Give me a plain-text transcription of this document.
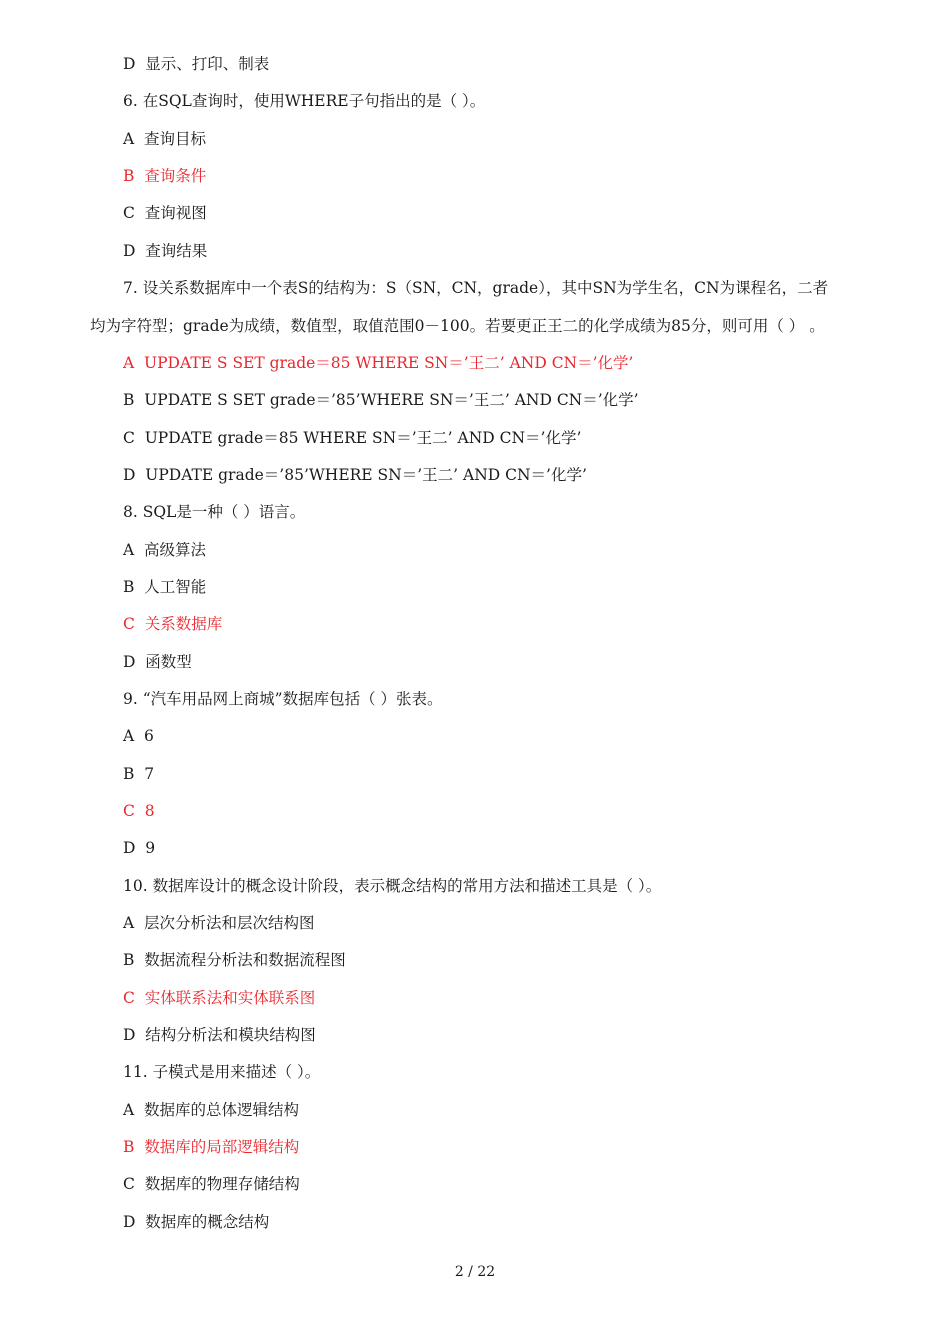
D  显示、打印、制表
6. 在SQL查询时，使用WHERE子句指出的是（ ）。
A  查询目标
B  查询条件
C  查询视图
D  查询结果
7. 设关系数据库中一个表S的结构为：S（SN，CN，grade），其中SN为学生名，CN为课程名，二者
均为字符型；grade为成绩，数值型，取值范围0－100。若要更正王二的化学成绩为85分，则可用（ ） 。
A  UPDATE S SET grade＝85 WHERE SN＝’王二’ AND CN＝’化学’
B  UPDATE S SET grade＝’85’WHERE SN＝’王二’ AND CN＝’化学’
C  UPDATE grade＝85 WHERE SN＝’王二’ AND CN＝’化学’
D  UPDATE grade＝’85’WHERE SN＝’王二’ AND CN＝’化学’
8. SQL是一种（ ）语言。
A  高级算法
B  人工智能
C  关系数据库
D  函数型
9. “汽车用品网上商城”数据库包括（ ）张表。
A  6
B  7
C  8
D  9
10. 数据库设计的概念设计阶段，表示概念结构的常用方法和描述工具是（ ）。
A  层次分析法和层次结构图
B  数据流程分析法和数据流程图
C  实体联系法和实体联系图
D  结构分析法和模块结构图
11. 子模式是用来描述（ ）。
A  数据库的总体逻辑结构
B  数据库的局部逻辑结构
C  数据库的物理存储结构
D  数据库的概念结构
2 / 22
